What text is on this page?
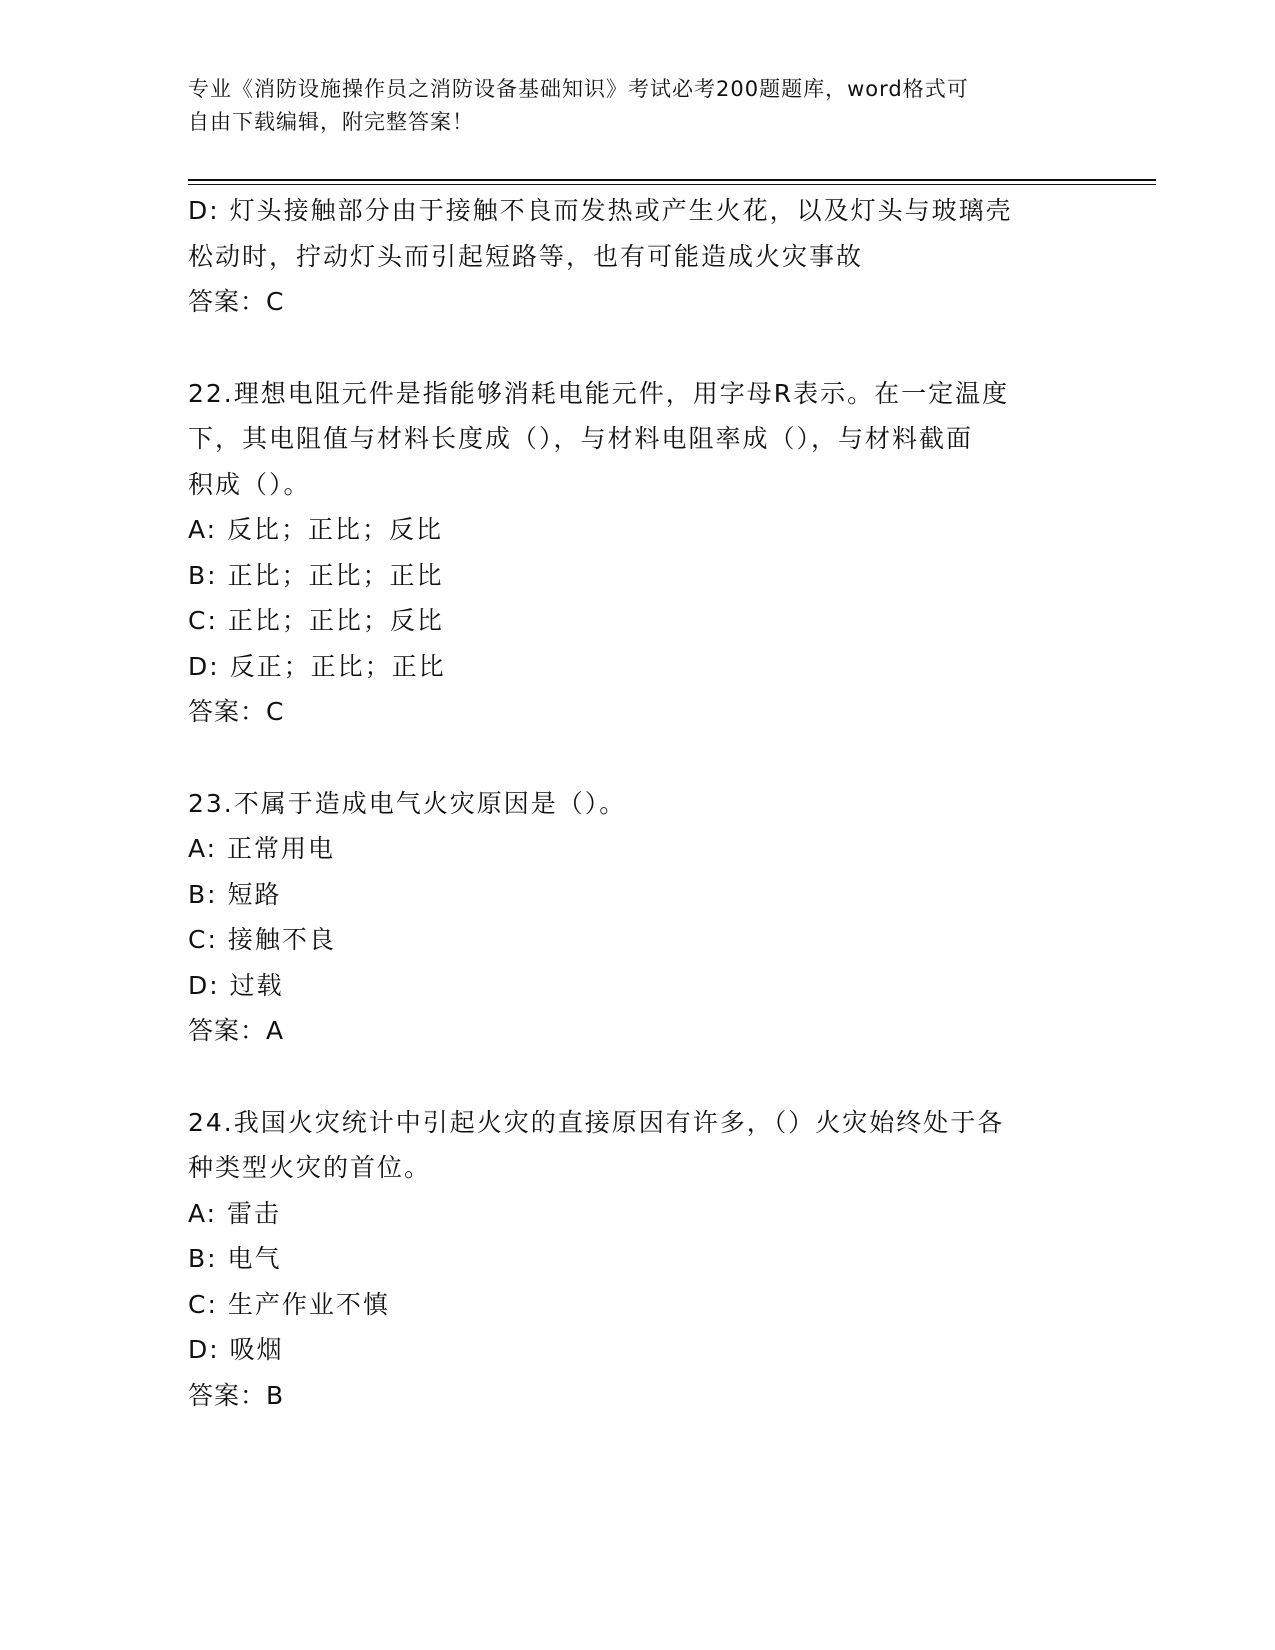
专业《消防设施操作员之消防设备基础知识》考试必考200题题库，word格式可
自由下载编辑，附完整答案！
D: 灯头接触部分由于接触不良而发热或产生火花，以及灯头与玻璃壳
松动时，拧动灯头而引起短路等，也有可能造成火灾事故
答案：C
22.理想电阻元件是指能够消耗电能元件，用字母R表示。在一定温度
下，其电阻值与材料长度成（），与材料电阻率成（），与材料截面
积成（）。
A: 反比；正比；反比
B: 正比；正比；正比
C: 正比；正比；反比
D: 反正；正比；正比
答案：C
23.不属于造成电气火灾原因是（）。
A: 正常用电
B: 短路
C: 接触不良
D: 过载
答案：A
24.我国火灾统计中引起火灾的直接原因有许多，（）火灾始终处于各
种类型火灾的首位。
A: 雷击
B: 电气
C: 生产作业不慎
D: 吸烟
答案：B
